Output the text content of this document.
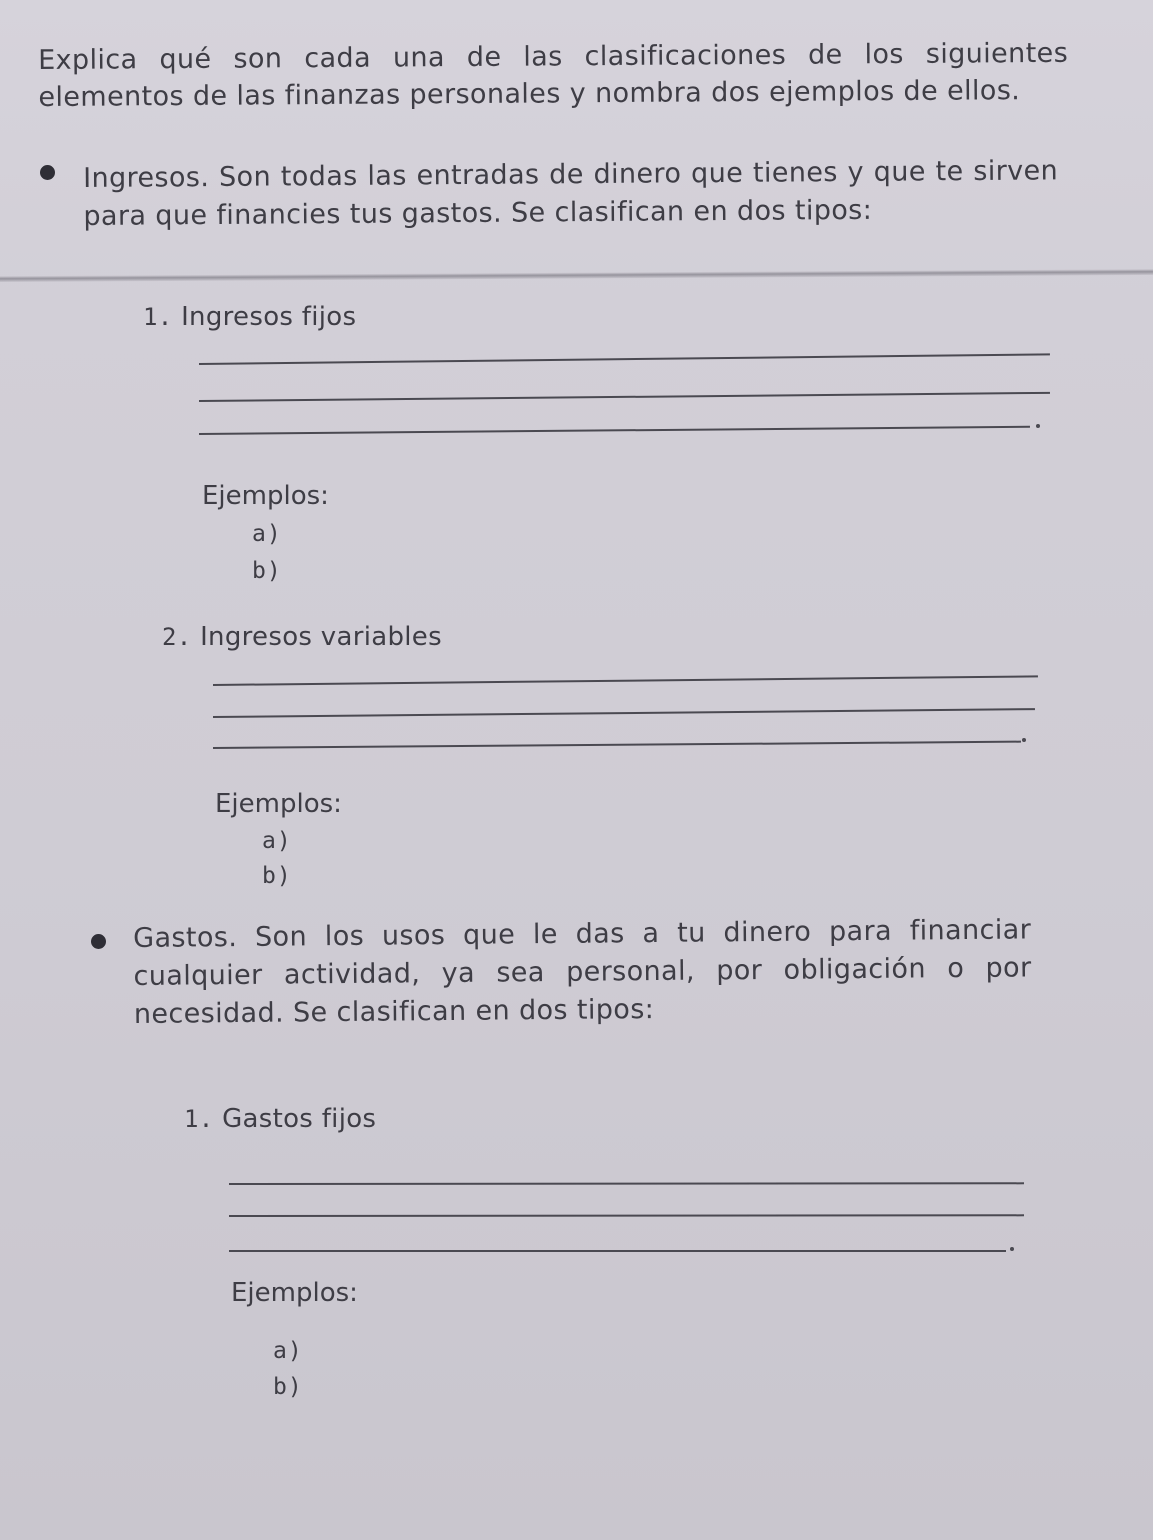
Explica qué son cada una de las clasificaciones de los siguientes elementos de las finanzas personales y nombra dos ejemplos de ellos.
Ingresos. Son todas las entradas de dinero que tienes y que te sirven para que financies tus gastos. Se clasifican en dos tipos:
1. Ingresos fijos
Ejemplos:
a)
b)
2. Ingresos variables
Ejemplos:
a)
b)
Gastos. Son los usos que le das a tu dinero para financiar cualquier actividad, ya sea personal, por obligación o por necesidad. Se clasifican en dos tipos:
1. Gastos fijos
Ejemplos:
a)
b)
